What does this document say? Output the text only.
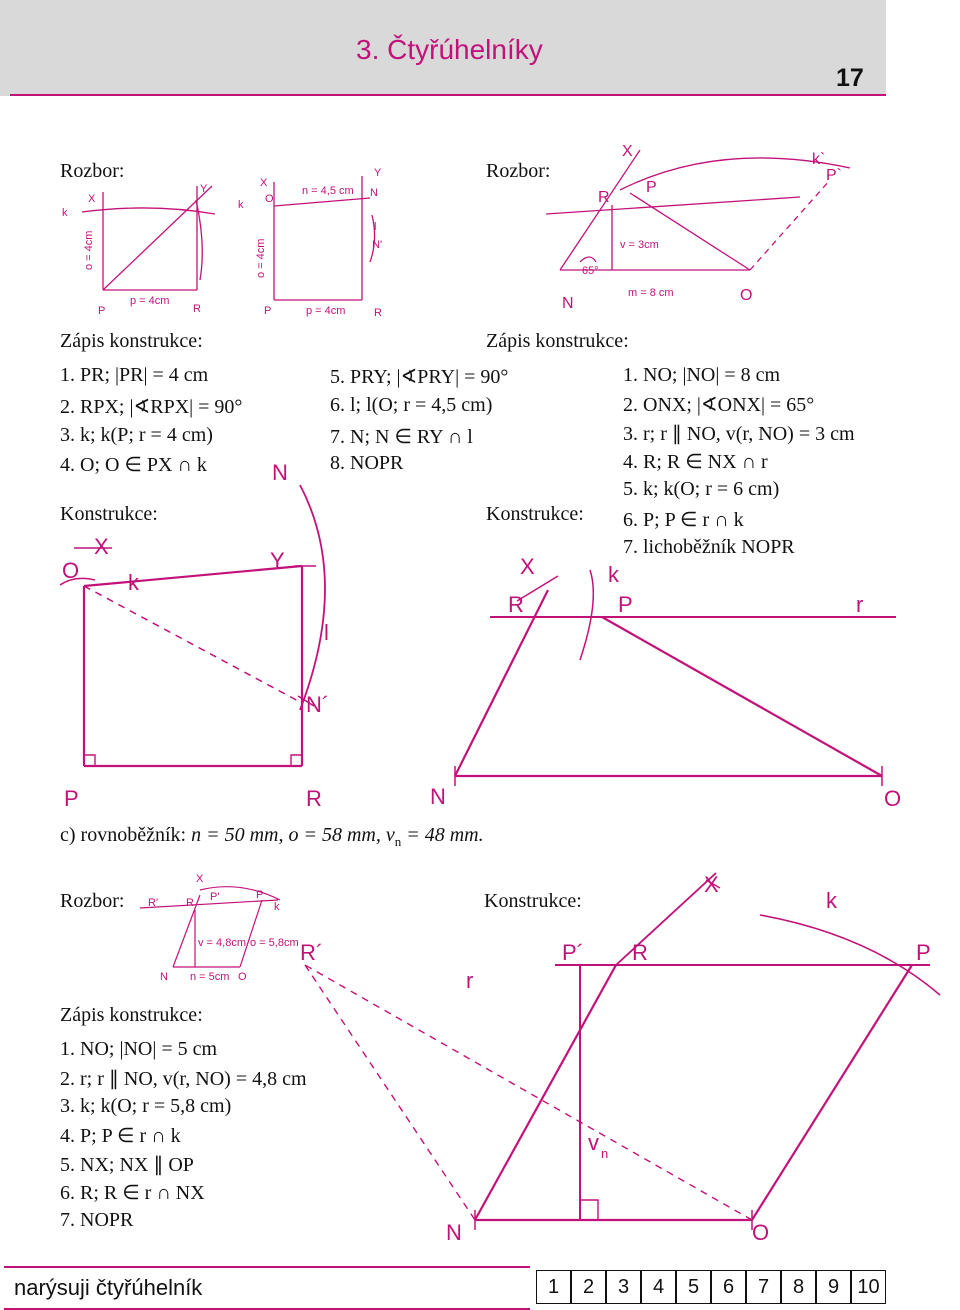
3. Čtyřúhelníky
17
Rozbor:
Zápis konstrukce:
1. PR; |PR| = 4 cm
2. RPX; |∢RPX| = 90°
3. k; k(P; r = 4 cm)
4. O; O ∈ PX ∩ k
5. PRY; |∢PRY| = 90°
6. l; l(O; r = 4,5 cm)
7. N; N ∈ RY ∩ l
8. NOPR
Konstrukce:
Rozbor:
Zápis konstrukce:
Konstrukce:
1. NO; |NO| = 8 cm
2. ONX; |∢ONX| = 65°
3. r; r ∥ NO, v(r, NO) = 3 cm
4. R; R ∈ NX ∩ r
5. k; k(O; r = 6 cm)
6. P; P ∈ r ∩ k
7. lichoběžník NOPR
c) rovnoběžník: n = 50 mm, o = 58 mm, $v_n = 48$ mm.
Rozbor:	Konstrukce:
Zápis konstrukce:
1. NO; |NO| = 5 cm
2. r; r ∥ NO, v(r, NO) = 4,8 cm
3. k; k(O; r = 5,8 cm)
4. P; P ∈ r ∩ k
5. NX; NX ∥ OP
6. R; R ∈ r ∩ NX
7. NOPR
k
X
Y
o = 4cm
p = 4cm
P	R
X
Y
k O
n = 4,5 cm N
l
N'
o = 4cm
P	p = 4cm	R
O
X
k
Y
N
l
N´
P	R
X	k`
R
P
P`
v = 3cm
65°
N
m = 8 cm	O
X	k
R	P	r
N	O
X
R
P
R'	P'
k
v = 4,8cm o = 5,8cm
n = 5cm
N	O
X
k
R´
r
P´ R	P
v n
N	O
narýsuji čtyřúhelník	1	2	3	4	5	6	7	8	9 10
